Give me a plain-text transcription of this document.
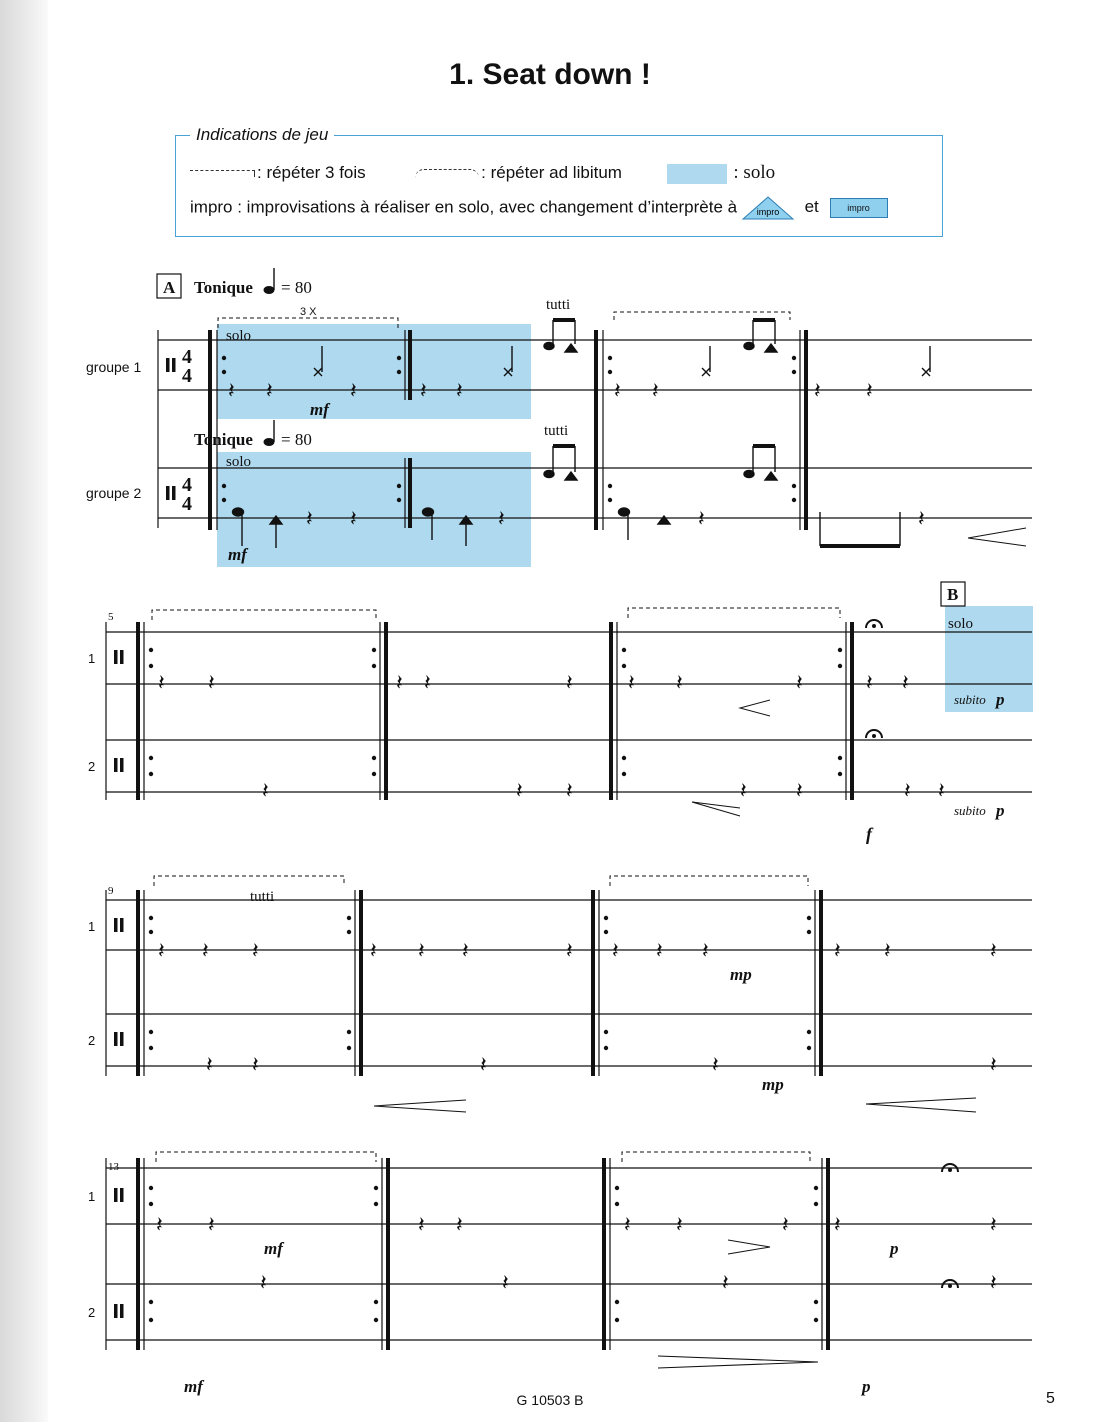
1. Seat down !
Indications de jeu
: répéter 3 fois	: répéter ad libitum	: solo
impro : improvisations à réaliser en solo, avec changement d’interprète à impro et	impro
𝄽 𝄽	𝄽	𝄽 𝄽	𝄽 𝄽	𝄽 𝄽
𝄽 𝄽	𝄽	𝄽	𝄽
𝄽 𝄽	𝄽 𝄽	𝄽	𝄽 𝄽	𝄽	𝄽 𝄽
𝄽	𝄽 𝄽	𝄽 𝄽	𝄽 𝄽
𝄽 𝄽 𝄽	𝄽 𝄽 𝄽	𝄽 𝄽 𝄽 𝄽	𝄽 𝄽	𝄽
𝄽 𝄽	𝄽	𝄽	𝄽
𝄽 𝄽	𝄽 𝄽	𝄽 𝄽	𝄽 𝄽	𝄽
𝄽	𝄽	𝄽	𝄽
A Tonique = 80
Tonique = 80
solo
solo
tutti
tutti
mf
mf
B
solo
subito p
subito p
f
tutti
mp
mp
mf	p
mf	p
3 X
groupe 1
groupe 2
1
2
1
2
1
2
5
9
13
4
4
4
4
G 10503 B	5
